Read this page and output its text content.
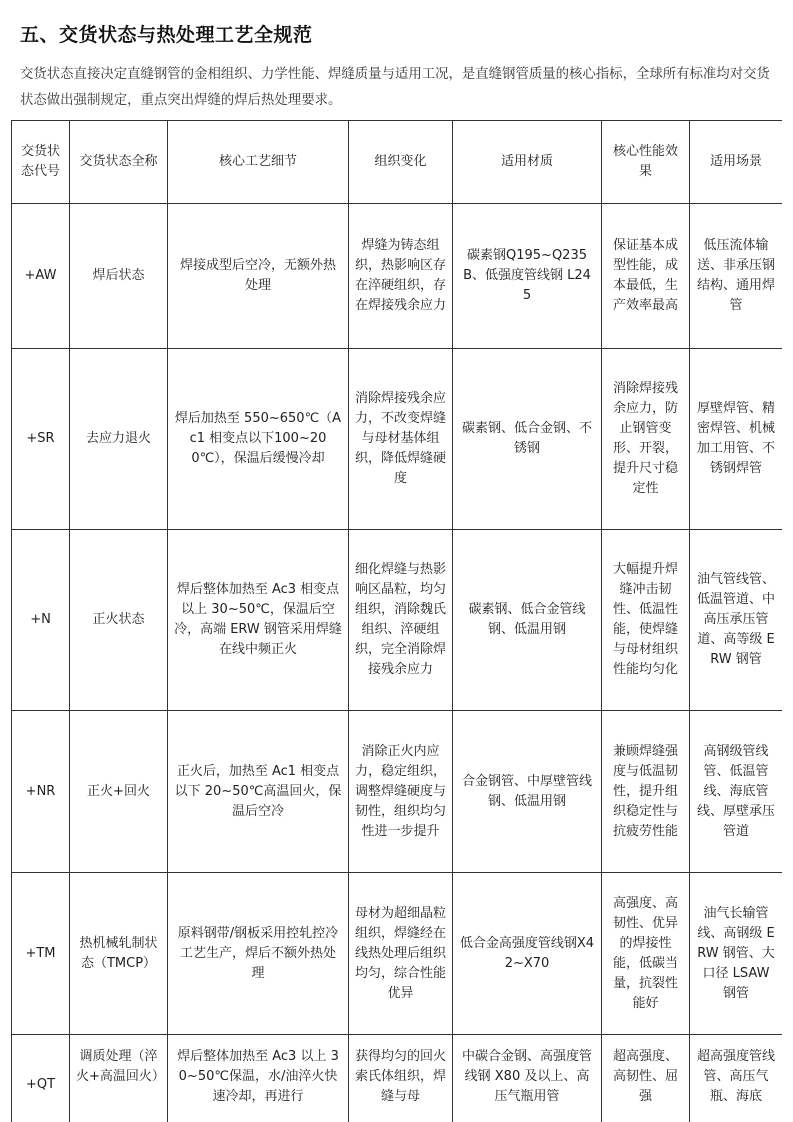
五、交货状态与热处理工艺全规范

交货状态直接决定直缝钢管的金相组织、力学性能、焊缝质量与适用工况，是直缝钢管质量的核心指标，全球所有标准均对交货状态做出强制规定，重点突出焊缝的焊后热处理要求。

交货状态代号	交货状态全称	核心工艺细节	组织变化	适用材质	核心性能效果	适用场景
+AW	焊后状态	焊接成型后空冷，无额外热处理	焊缝为铸态组织，热影响区存在淬硬组织，存在焊接残余应力	碳素钢Q195~Q235B、低强度管线钢 L245	保证基本成型性能，成本最低，生产效率最高	低压流体输送、非承压钢结构、通用焊管
+SR	去应力退火	焊后加热至 550~650℃（Ac1 相变点以下100~200℃），保温后缓慢冷却	消除焊接残余应力，不改变焊缝与母材基体组织，降低焊缝硬度	碳素钢、低合金钢、不锈钢	消除焊接残余应力，防止钢管变形、开裂，提升尺寸稳定性	厚壁焊管、精密焊管、机械加工用管、不锈钢焊管
+N	正火状态	焊后整体加热至 Ac3 相变点以上 30~50℃，保温后空冷，高端 ERW 钢管采用焊缝在线中频正火	细化焊缝与热影响区晶粒，均匀组织，消除魏氏组织、淬硬组织，完全消除焊接残余应力	碳素钢、低合金管线钢、低温用钢	大幅提升焊缝冲击韧性、低温性能，使焊缝与母材组织性能均匀化	油气管线管、低温管道、中高压承压管道、高等级 ERW 钢管
+NR	正火+回火	正火后，加热至 Ac1 相变点以下 20~50℃高温回火，保温后空冷	消除正火内应力，稳定组织，调整焊缝硬度与韧性，组织均匀性进一步提升	合金钢管、中厚壁管线钢、低温用钢	兼顾焊缝强度与低温韧性，提升组织稳定性与抗疲劳性能	高钢级管线管、低温管线、海底管线、厚壁承压管道
+TM	热机械轧制状态（TMCP）	原料钢带/钢板采用控轧控冷工艺生产，焊后不额外热处理	母材为超细晶粒组织，焊缝经在线热处理后组织均匀，综合性能优异	低合金高强度管线钢X42~X70	高强度、高韧性、优异的焊接性能，低碳当量，抗裂性能好	油气长输管线、高钢级 ERW 钢管、大口径 LSAW 钢管
+QT	调质处理（淬火+高温回火）	焊后整体加热至 Ac3 以上 30~50℃保温，水/油淬火快速冷却，再进行	获得均匀的回火索氏体组织，焊缝与母	中碳合金钢、高强度管线钢 X80 及以上、高压气瓶用管	超高强度、高韧性、屈强	超高强度管线管、高压气瓶、海底
